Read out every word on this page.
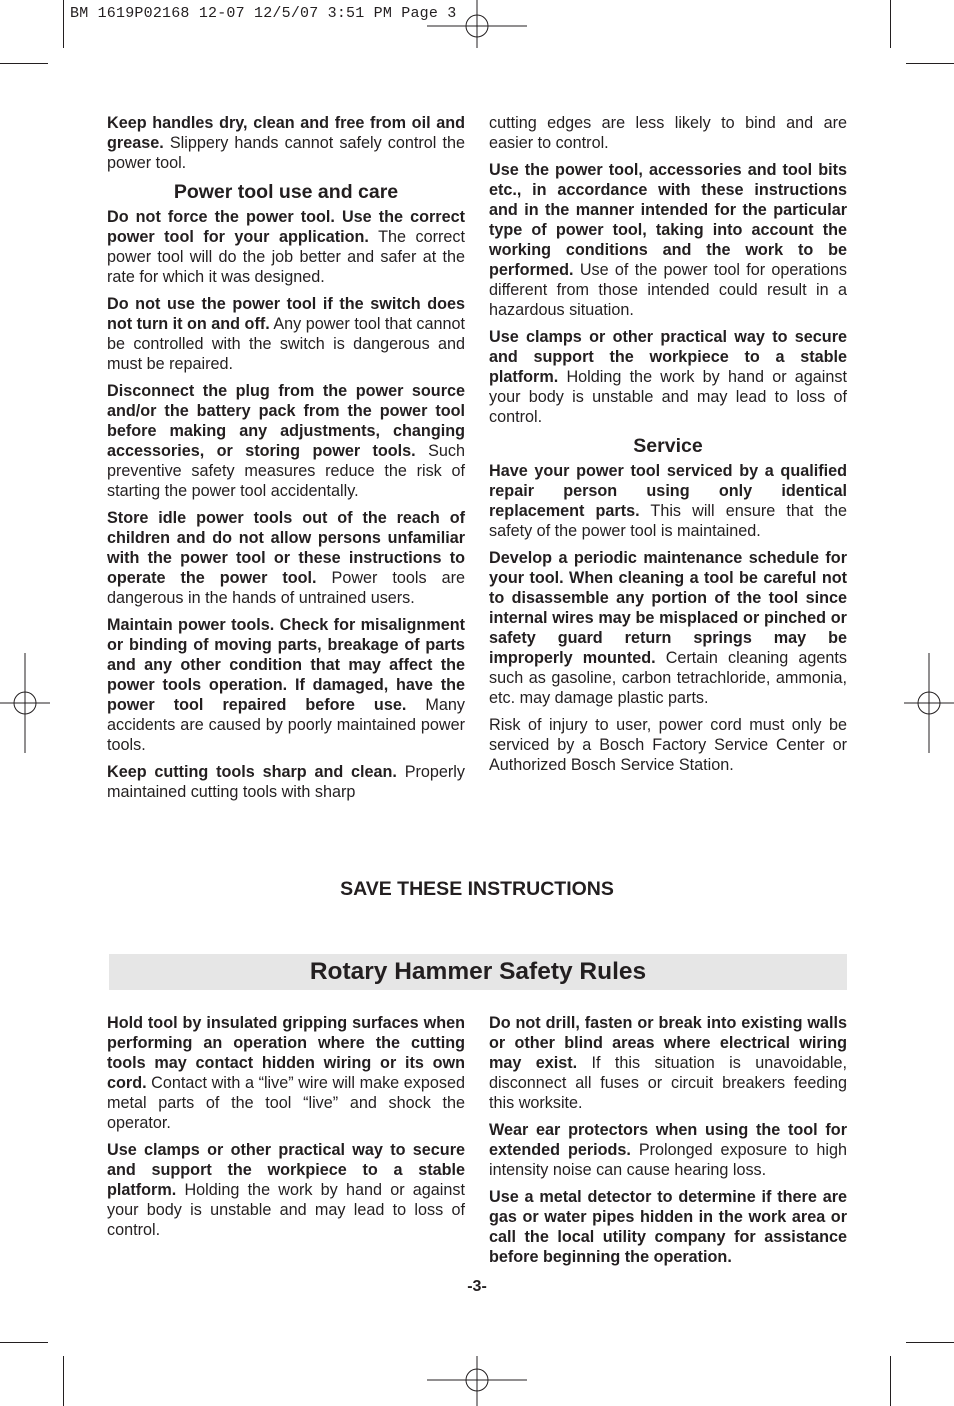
BM 1619P02168 12-07 12/5/07 3:51 PM Page 3

Keep handles dry, clean and free from oil and grease. Slippery hands cannot safely control the power tool.

Power tool use and care

Do not force the power tool. Use the correct power tool for your application. The correct power tool will do the job better and safer at the rate for which it was designed.

Do not use the power tool if the switch does not turn it on and off. Any power tool that cannot be controlled with the switch is dangerous and must be repaired.

Disconnect the plug from the power source and/or the battery pack from the power tool before making any adjustments, changing accessories, or storing power tools. Such preventive safety measures reduce the risk of starting the power tool accidentally.

Store idle power tools out of the reach of children and do not allow persons unfamiliar with the power tool or these instructions to operate the power tool. Power tools are dangerous in the hands of untrained users.

Maintain power tools. Check for misalignment or binding of moving parts, breakage of parts and any other condition that may affect the power tools operation. If damaged, have the power tool repaired before use. Many accidents are caused by poorly maintained power tools.

Keep cutting tools sharp and clean. Properly maintained cutting tools with sharp

cutting edges are less likely to bind and are easier to control.

Use the power tool, accessories and tool bits etc., in accordance with these instructions and in the manner intended for the particular type of power tool, taking into account the working conditions and the work to be performed. Use of the power tool for operations different from those intended could result in a hazardous situation.

Use clamps or other practical way to secure and support the workpiece to a stable platform. Holding the work by hand or against your body is unstable and may lead to loss of control.

Service

Have your power tool serviced by a qualified repair person using only identical replacement parts. This will ensure that the safety of the power tool is maintained.

Develop a periodic maintenance schedule for your tool. When cleaning a tool be careful not to disassemble any portion of the tool since internal wires may be misplaced or pinched or safety guard return springs may be improperly mounted. Certain cleaning agents such as gasoline, carbon tetrachloride, ammonia, etc. may damage plastic parts.

Risk of injury to user, power cord must only be serviced by a Bosch Factory Service Center or Authorized Bosch Service Station.

SAVE THESE INSTRUCTIONS
Rotary Hammer Safety Rules

Hold tool by insulated gripping surfaces when performing an operation where the cutting tools may contact hidden wiring or its own cord. Contact with a “live” wire will make exposed metal parts of the tool “live” and shock the operator.

Use clamps or other practical way to secure and support the workpiece to a stable platform. Holding the work by hand or against your body is unstable and may lead to loss of control.

Do not drill, fasten or break into existing walls or other blind areas where electrical wiring may exist. If this situation is unavoidable, disconnect all fuses or circuit breakers feeding this worksite.

Wear ear protectors when using the tool for extended periods. Prolonged exposure to high intensity noise can cause hearing loss.

Use a metal detector to determine if there are gas or water pipes hidden in the work area or call the local utility company for assistance before beginning the operation.

-3-
